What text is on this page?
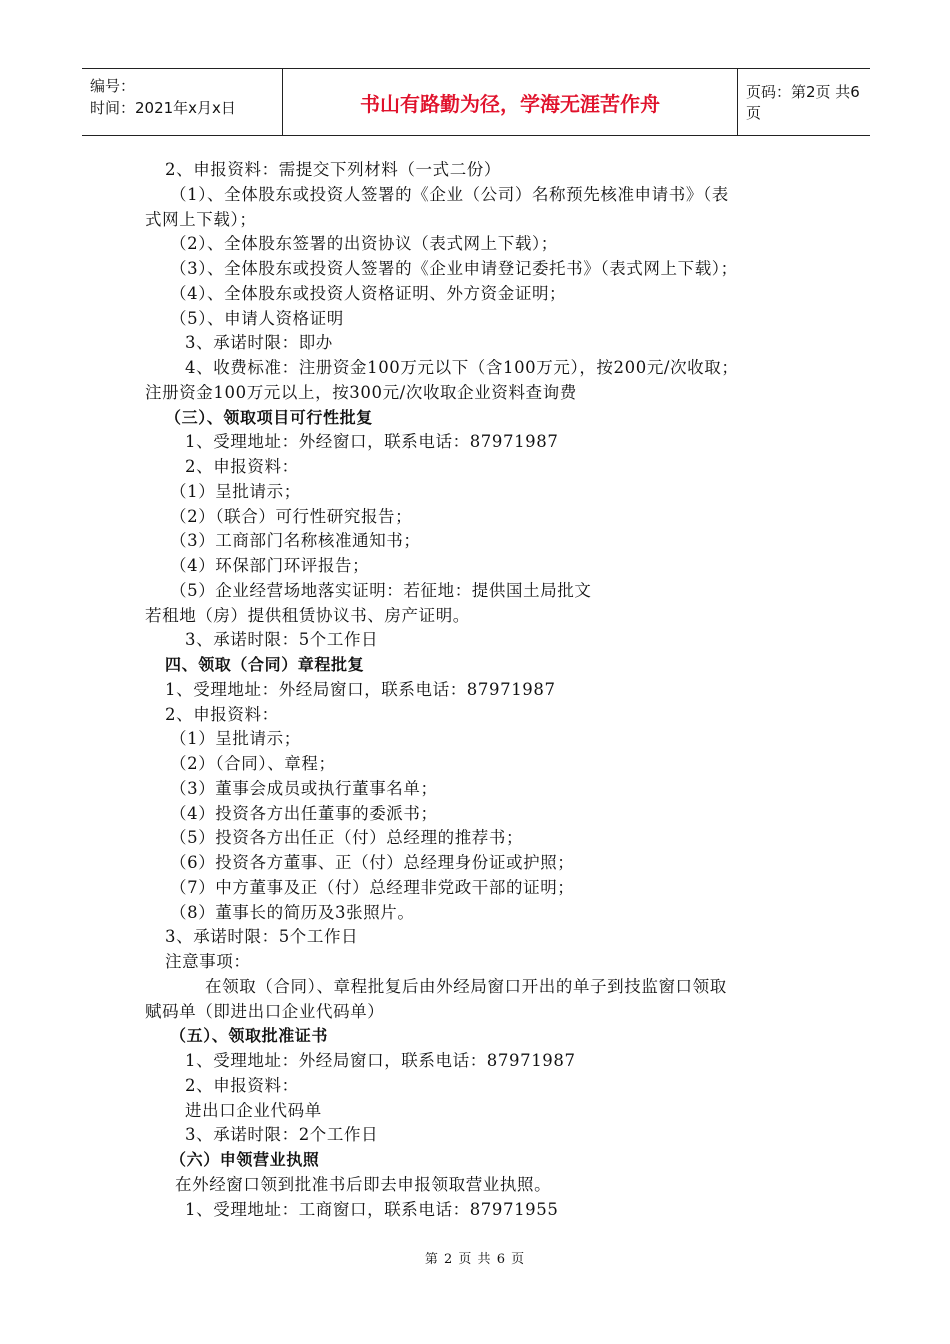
编号：
时间：2021年x月x日	书山有路勤为径，学海无涯苦作舟	页码：第2页 共6页
2、申报资料：需提交下列材料（一式二份）
（1）、全体股东或投资人签署的《企业（公司）名称预先核准申请书》（表
式网上下载）；
（2）、全体股东签署的出资协议（表式网上下载）；
（3）、全体股东或投资人签署的《企业申请登记委托书》（表式网上下载）；
（4）、全体股东或投资人资格证明、外方资金证明；
（5）、申请人资格证明
3、承诺时限：即办
4、收费标准：注册资金100万元以下（含100万元），按200元/次收取；
注册资金100万元以上，按300元/次收取企业资料查询费
（三）、领取项目可行性批复
1、受理地址：外经窗口，联系电话：87971987
2、申报资料：
（1）呈批请示；
（2）（联合）可行性研究报告；
（3）工商部门名称核准通知书；
（4）环保部门环评报告；
（5）企业经营场地落实证明：若征地：提供国土局批文
若租地（房）提供租赁协议书、房产证明。
3、承诺时限：5个工作日
四、领取（合同）章程批复
1、受理地址：外经局窗口，联系电话：87971987
2、申报资料：
（1）呈批请示；
（2）（合同）、章程；
（3）董事会成员或执行董事名单；
（4）投资各方出任董事的委派书；
（5）投资各方出任正（付）总经理的推荐书；
（6）投资各方董事、正（付）总经理身份证或护照；
（7）中方董事及正（付）总经理非党政干部的证明；
（8）董事长的简历及3张照片。
3、承诺时限：5个工作日
注意事项：
在领取（合同）、章程批复后由外经局窗口开出的单子到技监窗口领取
赋码单（即进出口企业代码单）
（五）、领取批准证书
1、受理地址：外经局窗口，联系电话：87971987
2、申报资料：
进出口企业代码单
3、承诺时限：2个工作日
（六）申领营业执照
在外经窗口领到批准书后即去申报领取营业执照。
1、受理地址：工商窗口，联系电话：87971955
第 2 页 共 6 页
